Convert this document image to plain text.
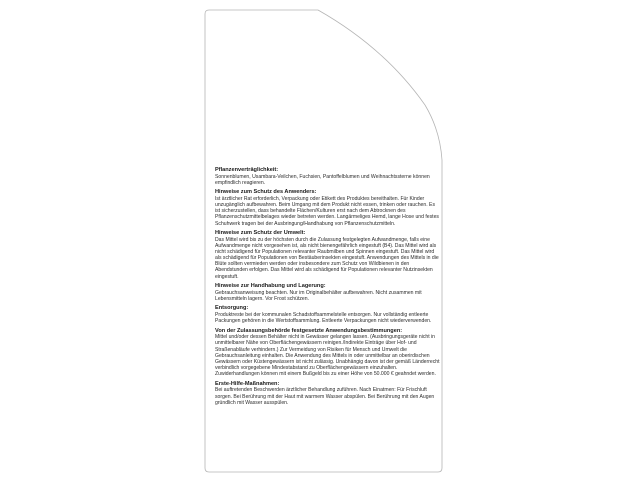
Pflanzenverträglichkeit:
Sonnenblumen, Usambara-Veilchen, Fuchsien, Pantoffelblumen und Weihnachtssterne können empfindlich reagieren.
Hinweise zum Schutz des Anwenders:
Ist ärztlicher Rat erforderlich, Verpackung oder Etikett des Produktes bereithalten. Für Kinder unzugänglich aufbewahren. Beim Umgang mit dem Produkt nicht essen, trinken oder rauchen. Es ist sicherzustellen, dass behandelte Flächen/Kulturen erst nach dem Abtrocknen des Pflanzenschutzmittelbelages wieder betreten werden. Langärmeliges Hemd, lange Hose und festes Schuhwerk tragen bei der Ausbringung/Handhabung von Pflanzenschutzmitteln.
Hinweise zum Schutz der Umwelt:
Das Mittel wird bis zu der höchsten durch die Zulassung festgelegten Aufwandmenge, falls eine Aufwandmenge nicht vorgesehen ist, als nicht bienengefährlich eingestuft (B4). Das Mittel wird als nicht schädigend für Populationen relevanter Raubmilben und Spinnen eingestuft. Das Mittel wird als schädigend für Populationen von Bestäuberinsekten eingestuft. Anwendungen des Mittels in die Blüte sollten vermieden werden oder insbesondere zum Schutz von Wildbienen in den Abendstunden erfolgen. Das Mittel wird als schädigend für Populationen relevanter Nutzinsekten eingestuft.
Hinweise zur Handhabung und Lagerung:
Gebrauchsanweisung beachten. Nur im Originalbehälter aufbewahren. Nicht zusammen mit Lebensmitteln lagern. Vor Frost schützen.
Entsorgung:
Produktreste bei der kommunalen Schadstoffsammelstelle entsorgen. Nur vollständig entleerte Packungen gehören in die Wertstoffsammlung. Entleerte Verpackungen nicht wiederverwenden.
Von der Zulassungsbehörde festgesetzte Anwendungsbestimmungen:
Mittel und/oder dessen Behälter nicht in Gewässer gelangen lassen. (Ausbringungsgeräte nicht in unmittelbarer Nähe von Oberflächengewässern reinigen./Indirekte Einträge über Hof- und Straßenabläufe verhindern.) Zur Vermeidung von Risiken für Mensch und Umwelt die Gebrauchsanleitung einhalten. Die Anwendung des Mittels in oder unmittelbar an oberirdischen Gewässern oder Küstengewässern ist nicht zulässig. Unabhängig davon ist der gemäß Länderrecht verbindlich vorgegebene Mindestabstand zu Oberflächengewässern einzuhalten. Zuwiderhandlungen können mit einem Bußgeld bis zu einer Höhe von 50.000 € geahndet werden.
Erste-Hilfe-Maßnahmen:
Bei auftretenden Beschwerden ärztlicher Behandlung zuführen. Nach Einatmen: Für Frischluft sorgen. Bei Berührung mit der Haut mit warmem Wasser abspülen. Bei Berührung mit den Augen gründlich mit Wasser ausspülen.
